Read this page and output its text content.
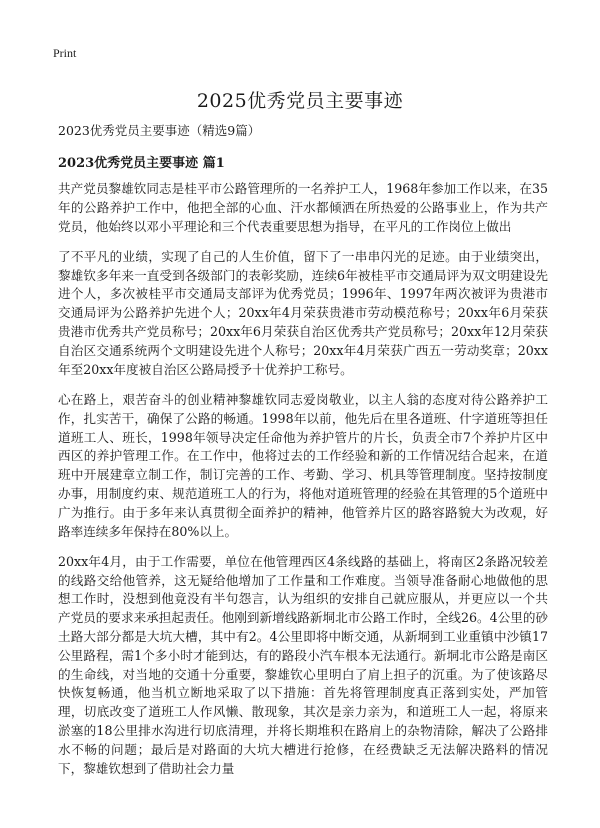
Print
2025优秀党员主要事迹
2023优秀党员主要事迹（精选9篇）
2023优秀党员主要事迹 篇1

共产党员黎雄钦同志是桂平市公路管理所的一名养护工人，1968年参加工作以来，在35年的公路养护工作中，他把全部的心血、汗水都倾洒在所热爱的公路事业上，作为共产党员，他始终以邓小平理论和三个代表重要思想为指导，在平凡的工作岗位上做出

了不平凡的业绩，实现了自己的人生价值，留下了一串串闪光的足迹。由于业绩突出，黎雄钦多年来一直受到各级部门的表彰奖励，连续6年被桂平市交通局评为双文明建设先进个人，多次被桂平市交通局支部评为优秀党员；1996年、1997年两次被评为贵港市交通局评为公路养护先进个人；20xx年4月荣获贵港市劳动模范称号；20xx年6月荣获贵港市优秀共产党员称号；20xx年6月荣获自治区优秀共产党员称号；20xx年12月荣获自治区交通系统两个文明建设先进个人称号；20xx年4月荣获广西五一劳动奖章；20xx年至20xx年度被自治区公路局授予十优养护工称号。

心在路上，艰苦奋斗的创业精神黎雄钦同志爱岗敬业，以主人翁的态度对待公路养护工作，扎实苦干，确保了公路的畅通。1998年以前，他先后在里各道班、什字道班等担任道班工人、班长，1998年领导决定任命他为养护管片的片长，负责全市7个养护片区中西区的养护管理工作。在工作中，他将过去的工作经验和新的工作情况结合起来，在道班中开展建章立制工作，制订完善的工作、考勤、学习、机具等管理制度。坚持按制度办事，用制度约束、规范道班工人的行为，将他对道班管理的经验在其管理的5个道班中广为推行。由于多年来认真贯彻全面养护的精神，他管养片区的路容路貌大为改观，好路率连续多年保持在80%以上。

20xx年4月，由于工作需要，单位在他管理西区4条线路的基础上，将南区2条路况较差的线路交给他管养，这无疑给他增加了工作量和工作难度。当领导准备耐心地做他的思想工作时，没想到他竟没有半句怨言，认为组织的安排自己就应服从，并更应以一个共产党员的要求来承担起责任。他刚到新增线路新垌北市公路工作时，全线26。4公里的砂土路大部分都是大坑大槽，其中有2。4公里即将中断交通，从新垌到工业重镇中沙镇17公里路程，需1个多小时才能到达，有的路段小汽车根本无法通行。新垌北市公路是南区的生命线，对当地的交通十分重要，黎雄钦心里明白了肩上担子的沉重。为了使该路尽快恢复畅通，他当机立断地采取了以下措施：首先将管理制度真正落到实处，严加管理，切底改变了道班工人作风懒、散现象，其次是亲力亲为，和道班工人一起，将原来淤塞的18公里排水沟进行切底清理，并将长期堆积在路肩上的杂物清除，解决了公路排水不畅的问题；最后是对路面的大坑大槽进行抢修，在经费缺乏无法解决路料的情况下，黎雄钦想到了借助社会力量
